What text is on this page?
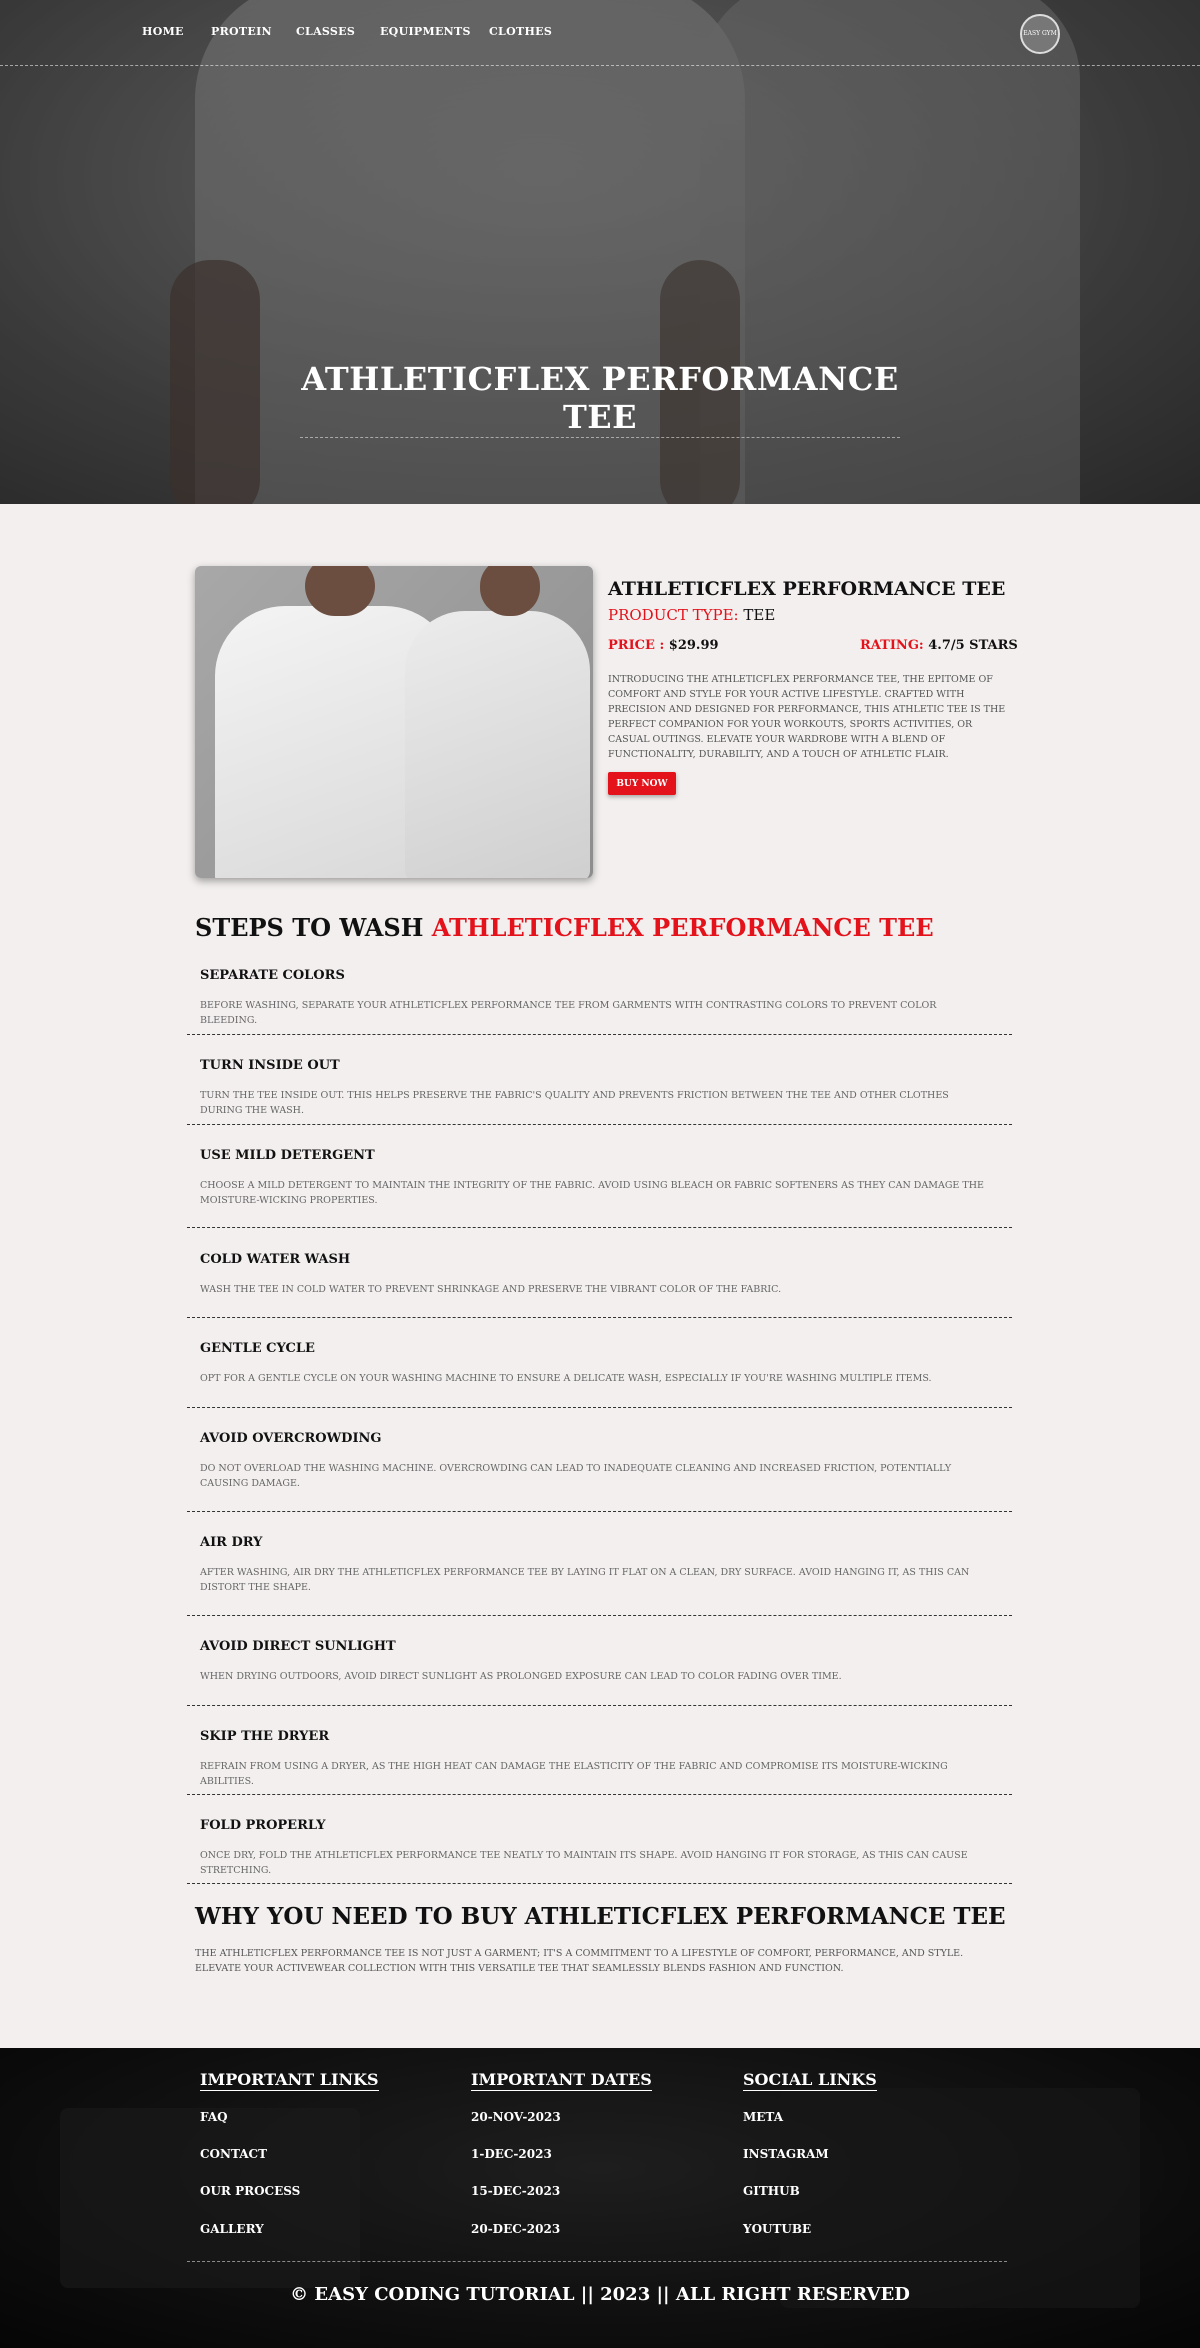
HOME PROTEIN CLASSES EQUIPMENTS CLOTHES	EASY GYM
ATHLETICFLEX PERFORMANCE TEE
ATHLETICFLEX PERFORMANCE TEE
PRODUCT TYPE: TEE
PRICE : $29.99	RATING: 4.7/5 STARS

INTRODUCING THE ATHLETICFLEX PERFORMANCE TEE, THE EPITOME OF COMFORT AND STYLE FOR YOUR ACTIVE LIFESTYLE. CRAFTED WITH PRECISION AND DESIGNED FOR PERFORMANCE, THIS ATHLETIC TEE IS THE PERFECT COMPANION FOR YOUR WORKOUTS, SPORTS ACTIVITIES, OR CASUAL OUTINGS. ELEVATE YOUR WARDROBE WITH A BLEND OF FUNCTIONALITY, DURABILITY, AND A TOUCH OF ATHLETIC FLAIR.

BUY NOW
STEPS TO WASH ATHLETICFLEX PERFORMANCE TEE
SEPARATE COLORS

BEFORE WASHING, SEPARATE YOUR ATHLETICFLEX PERFORMANCE TEE FROM GARMENTS WITH CONTRASTING COLORS TO PREVENT COLOR BLEEDING.

TURN INSIDE OUT

TURN THE TEE INSIDE OUT. THIS HELPS PRESERVE THE FABRIC'S QUALITY AND PREVENTS FRICTION BETWEEN THE TEE AND OTHER CLOTHES DURING THE WASH.

USE MILD DETERGENT

CHOOSE A MILD DETERGENT TO MAINTAIN THE INTEGRITY OF THE FABRIC. AVOID USING BLEACH OR FABRIC SOFTENERS AS THEY CAN DAMAGE THE MOISTURE-WICKING PROPERTIES.

COLD WATER WASH

WASH THE TEE IN COLD WATER TO PREVENT SHRINKAGE AND PRESERVE THE VIBRANT COLOR OF THE FABRIC.

GENTLE CYCLE

OPT FOR A GENTLE CYCLE ON YOUR WASHING MACHINE TO ENSURE A DELICATE WASH, ESPECIALLY IF YOU'RE WASHING MULTIPLE ITEMS.

AVOID OVERCROWDING

DO NOT OVERLOAD THE WASHING MACHINE. OVERCROWDING CAN LEAD TO INADEQUATE CLEANING AND INCREASED FRICTION, POTENTIALLY CAUSING DAMAGE.

AIR DRY

AFTER WASHING, AIR DRY THE ATHLETICFLEX PERFORMANCE TEE BY LAYING IT FLAT ON A CLEAN, DRY SURFACE. AVOID HANGING IT, AS THIS CAN DISTORT THE SHAPE.

AVOID DIRECT SUNLIGHT

WHEN DRYING OUTDOORS, AVOID DIRECT SUNLIGHT AS PROLONGED EXPOSURE CAN LEAD TO COLOR FADING OVER TIME.

SKIP THE DRYER

REFRAIN FROM USING A DRYER, AS THE HIGH HEAT CAN DAMAGE THE ELASTICITY OF THE FABRIC AND COMPROMISE ITS MOISTURE-WICKING ABILITIES.

FOLD PROPERLY

ONCE DRY, FOLD THE ATHLETICFLEX PERFORMANCE TEE NEATLY TO MAINTAIN ITS SHAPE. AVOID HANGING IT FOR STORAGE, AS THIS CAN CAUSE STRETCHING.

WHY YOU NEED TO BUY ATHLETICFLEX PERFORMANCE TEE

THE ATHLETICFLEX PERFORMANCE TEE IS NOT JUST A GARMENT; IT'S A COMMITMENT TO A LIFESTYLE OF COMFORT, PERFORMANCE, AND STYLE. ELEVATE YOUR ACTIVEWEAR COLLECTION WITH THIS VERSATILE TEE THAT SEAMLESSLY BLENDS FASHION AND FUNCTION.

IMPORTANT LINKS
FAQ
CONTACT
OUR PROCESS
GALLERY
IMPORTANT DATES
20-NOV-2023
1-DEC-2023
15-DEC-2023
20-DEC-2023
SOCIAL LINKS
META
INSTAGRAM
GITHUB
YOUTUBE
© EASY CODING TUTORIAL || 2023 || ALL RIGHT RESERVED
